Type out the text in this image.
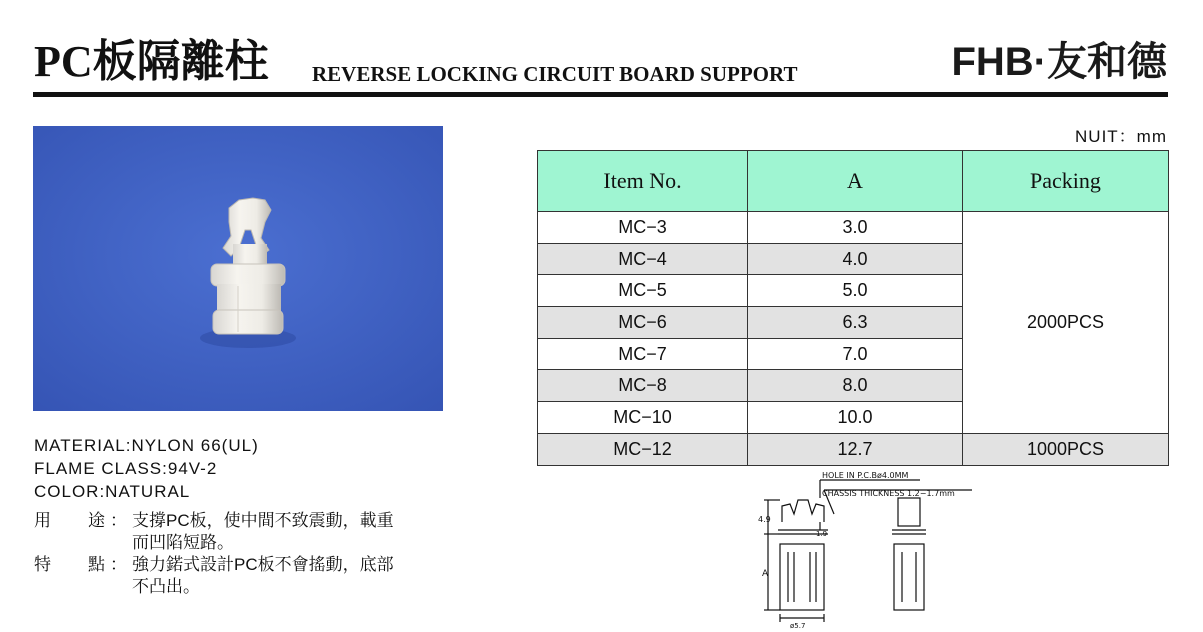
PC板隔離柱 REVERSE LOCKING CIRCUIT BOARD SUPPORT	FHB·友和德
MATERIAL:NYLON 66(UL)
FLAME CLASS:94V-2
COLOR:NATURAL
用 途 ： 支撐PC板，使中間不致震動，載重
而凹陷短路。
特 點 ： 強力鍩式設計PC板不會搖動，底部
不凸出。
NUIT：mm
Item No.	A	Packing
MC−3	3.0	2000PCS
MC−4	4.0	
MC−5	5.0	
MC−6	6.3	
MC−7	7.0	
MC−8	8.0	
MC−10	10.0	
MC−12	12.7	1000PCS
HOLE IN P.C.Bø4.0MM
CHASSIS THICKNESS 1.2−1.7mm
4.9
1.9
A
ø5.7
